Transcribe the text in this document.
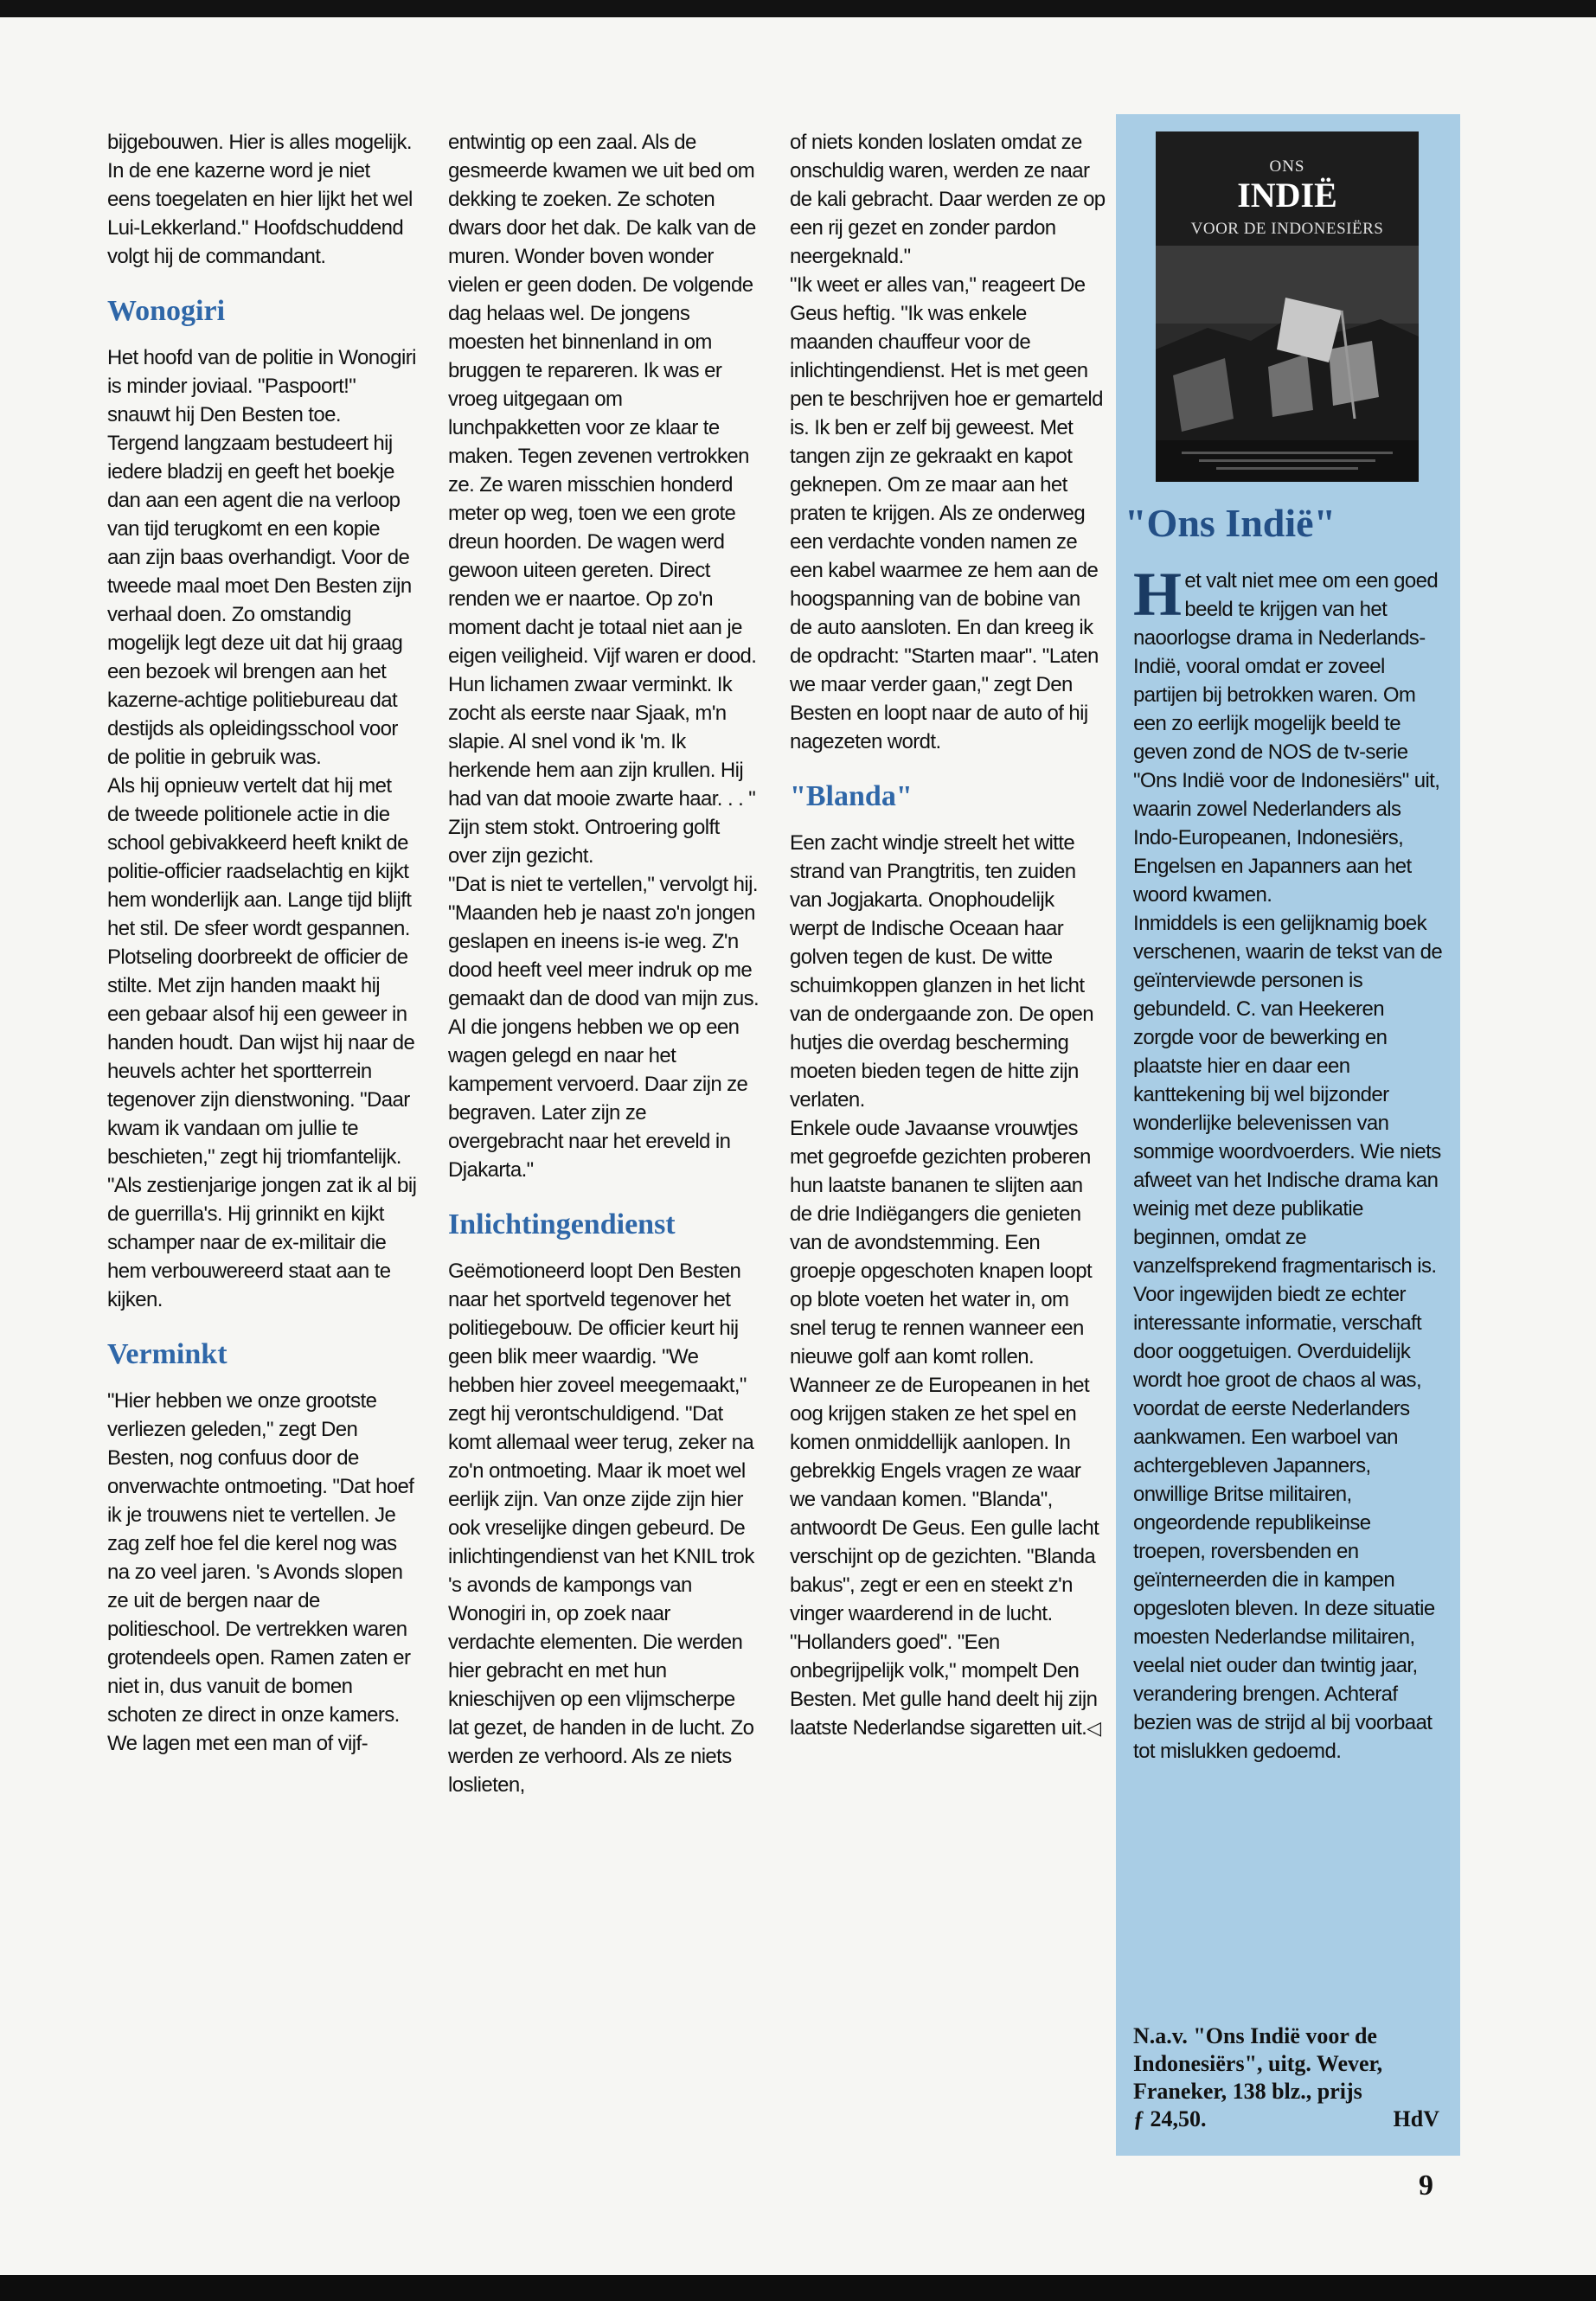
bijgebouwen. Hier is alles mogelijk. In de ene kazerne word je niet eens toegelaten en hier lijkt het wel Lui-Lekkerland." Hoofdschuddend volgt hij de commandant.

Wonogiri

Het hoofd van de politie in Wonogiri is minder joviaal. "Paspoort!" snauwt hij Den Besten toe. Tergend langzaam bestudeert hij iedere bladzij en geeft het boekje dan aan een agent die na verloop van tijd terugkomt en een kopie aan zijn baas overhandigt. Voor de tweede maal moet Den Besten zijn verhaal doen. Zo omstandig mogelijk legt deze uit dat hij graag een bezoek wil brengen aan het kazerne-achtige politiebureau dat destijds als opleidingsschool voor de politie in gebruik was.

Als hij opnieuw vertelt dat hij met de tweede politionele actie in die school gebivakkeerd heeft knikt de politie-officier raadselachtig en kijkt hem wonderlijk aan. Lange tijd blijft het stil. De sfeer wordt gespannen. Plotseling doorbreekt de officier de stilte. Met zijn handen maakt hij een gebaar alsof hij een geweer in handen houdt. Dan wijst hij naar de heuvels achter het sportterrein tegenover zijn dienstwoning. "Daar kwam ik vandaan om jullie te beschieten," zegt hij triomfantelijk. "Als zestienjarige jongen zat ik al bij de guerrilla's. Hij grinnikt en kijkt schamper naar de ex-militair die hem verbouwereerd staat aan te kijken.

Verminkt

"Hier hebben we onze grootste verliezen geleden," zegt Den Besten, nog confuus door de onverwachte ontmoeting. "Dat hoef ik je trouwens niet te vertellen. Je zag zelf hoe fel die kerel nog was na zo veel jaren. 's Avonds slopen ze uit de bergen naar de politieschool. De vertrekken waren grotendeels open. Ramen zaten er niet in, dus vanuit de bomen schoten ze direct in onze kamers. We lagen met een man of vijf-

entwintig op een zaal. Als de gesmeerde kwamen we uit bed om dekking te zoeken. Ze schoten dwars door het dak. De kalk van de muren. Wonder boven wonder vielen er geen doden. De volgende dag helaas wel. De jongens moesten het binnenland in om bruggen te repareren. Ik was er vroeg uitgegaan om lunchpakketten voor ze klaar te maken. Tegen zevenen vertrokken ze. Ze waren misschien honderd meter op weg, toen we een grote dreun hoorden. De wagen werd gewoon uiteen gereten. Direct renden we er naartoe. Op zo'n moment dacht je totaal niet aan je eigen veiligheid. Vijf waren er dood. Hun lichamen zwaar verminkt. Ik zocht als eerste naar Sjaak, m'n slapie. Al snel vond ik 'm. Ik herkende hem aan zijn krullen. Hij had van dat mooie zwarte haar. . . " Zijn stem stokt. Ontroering golft over zijn gezicht.

"Dat is niet te vertellen," vervolgt hij. "Maanden heb je naast zo'n jongen geslapen en ineens is-ie weg. Z'n dood heeft veel meer indruk op me gemaakt dan de dood van mijn zus. Al die jongens hebben we op een wagen gelegd en naar het kampement vervoerd. Daar zijn ze begraven. Later zijn ze overgebracht naar het ereveld in Djakarta."

Inlichtingendienst

Geëmotioneerd loopt Den Besten naar het sportveld tegenover het politiegebouw. De officier keurt hij geen blik meer waardig. "We hebben hier zoveel meegemaakt," zegt hij verontschuldigend. "Dat komt allemaal weer terug, zeker na zo'n ontmoeting. Maar ik moet wel eerlijk zijn. Van onze zijde zijn hier ook vreselijke dingen gebeurd. De inlichtingendienst van het KNIL trok 's avonds de kampongs van Wonogiri in, op zoek naar verdachte elementen. Die werden hier gebracht en met hun knieschijven op een vlijmscherpe lat gezet, de handen in de lucht. Zo werden ze verhoord. Als ze niets loslieten,

of niets konden loslaten omdat ze onschuldig waren, werden ze naar de kali gebracht. Daar werden ze op een rij gezet en zonder pardon neergeknald."

"Ik weet er alles van," reageert De Geus heftig. "Ik was enkele maanden chauffeur voor de inlichtingendienst. Het is met geen pen te beschrijven hoe er gemarteld is. Ik ben er zelf bij geweest. Met tangen zijn ze gekraakt en kapot geknepen. Om ze maar aan het praten te krijgen. Als ze onderweg een verdachte vonden namen ze een kabel waarmee ze hem aan de hoogspanning van de bobine van de auto aansloten. En dan kreeg ik de opdracht: "Starten maar". "Laten we maar verder gaan," zegt Den Besten en loopt naar de auto of hij nagezeten wordt.

"Blanda"

Een zacht windje streelt het witte strand van Prangtritis, ten zuiden van Jogjakarta. Onophoudelijk werpt de Indische Oceaan haar golven tegen de kust. De witte schuimkoppen glanzen in het licht van de ondergaande zon. De open hutjes die overdag bescherming moeten bieden tegen de hitte zijn verlaten.

Enkele oude Javaanse vrouwtjes met gegroefde gezichten proberen hun laatste bananen te slijten aan de drie Indiëgangers die genieten van de avondstemming. Een groepje opgeschoten knapen loopt op blote voeten het water in, om snel terug te rennen wanneer een nieuwe golf aan komt rollen. Wanneer ze de Europeanen in het oog krijgen staken ze het spel en komen onmiddellijk aanlopen. In gebrekkig Engels vragen ze waar we vandaan komen. "Blanda", antwoordt De Geus. Een gulle lacht verschijnt op de gezichten. "Blanda bakus", zegt er een en steekt z'n vinger waarderend in de lucht. "Hollanders goed". "Een onbegrijpelijk volk," mompelt Den Besten. Met gulle hand deelt hij zijn laatste Nederlandse sigaretten uit.◁

ONS
INDIË
VOOR DE INDONESIËRS
"Ons Indië"
Het valt niet mee om een goed beeld te krijgen van het naoorlogse drama in Nederlands-Indië, vooral omdat er zoveel partijen bij betrokken waren. Om een zo eerlijk mogelijk beeld te geven zond de NOS de tv-serie "Ons Indië voor de Indonesiërs" uit, waarin zowel Nederlanders als Indo-Europeanen, Indonesiërs, Engelsen en Japanners aan het woord kwamen.
Inmiddels is een gelijknamig boek verschenen, waarin de tekst van de geïnterviewde personen is gebundeld. C. van Heekeren zorgde voor de bewerking en plaatste hier en daar een kanttekening bij wel bijzonder wonderlijke belevenissen van sommige woordvoerders. Wie niets afweet van het Indische drama kan weinig met deze publikatie beginnen, omdat ze vanzelfsprekend fragmentarisch is. Voor ingewijden biedt ze echter interessante informatie, verschaft door ooggetuigen. Overduidelijk wordt hoe groot de chaos al was, voordat de eerste Nederlanders aankwamen. Een warboel van achtergebleven Japanners, onwillige Britse militairen, ongeordende republikeinse troepen, roversbenden en geïnterneerden die in kampen opgesloten bleven. In deze situatie moesten Nederlandse militairen, veelal niet ouder dan twintig jaar, verandering brengen. Achteraf bezien was de strijd al bij voorbaat tot mislukken gedoemd.
N.a.v. "Ons Indië voor de
Indonesiërs", uitg. Wever,
Franeker, 138 blz., prijs
ƒ 24,50.	HdV
9
